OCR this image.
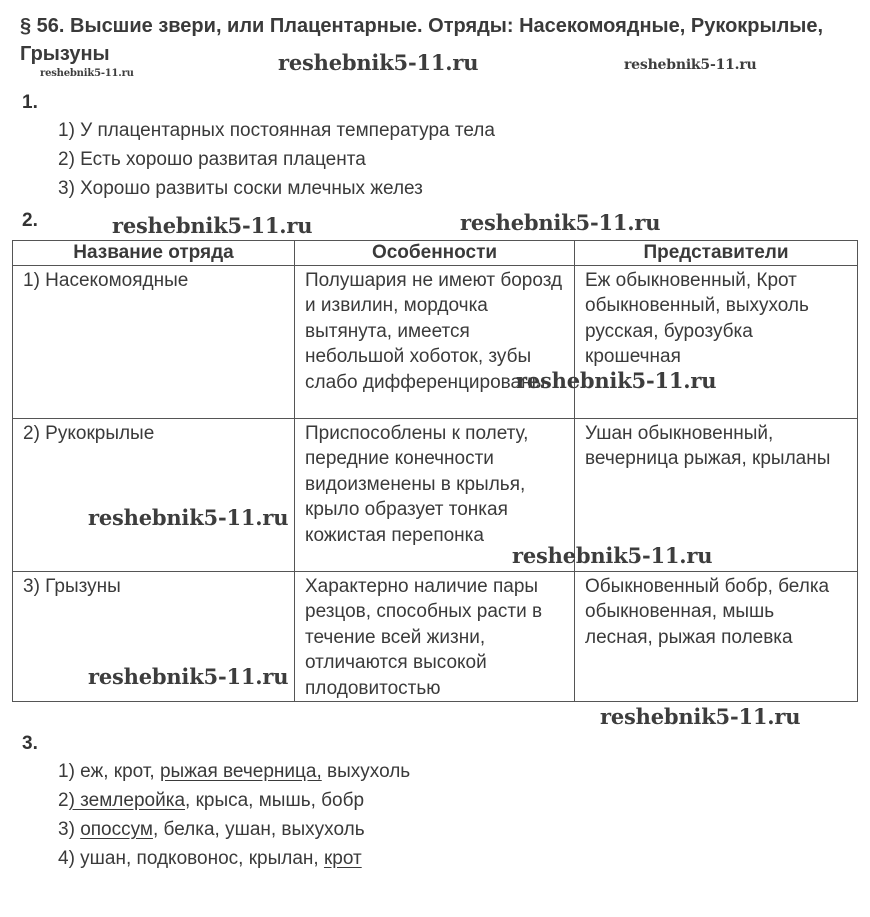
§ 56. Высшие звери, или Плацентарные. Отряды: Насекомоядные, Рукокрылые, Грызуны	reshebnik5-11.ru	reshebnik5-11.ru
reshebnik5-11.ru
reshebnik5-11.ru	reshebnik5-11.ru
1.
1) У плацентарных постоянная температура тела
2) Есть хорошо развитая плацента
3) Хорошо развиты соски млечных желез
2.
Название отряда	Особенности	Представители
1) Насекомоядные	Полушария не имеют борозд и извилин, мордочка вытянута, имеется небольшой хоботок, зубы слабо дифференцированы	Еж обыкновенный, Крот обыкновенный, выхухоль русская, бурозубка крошечная
2) Рукокрылые	Приспособлены к полету, передние конечности видоизменены в крылья, крыло образует тонкая кожистая перепонка	Ушан обыкновенный, вечерница рыжая, крыланы
3) Грызуны	Характерно наличие пары резцов, способных расти в течение всей жизни, отличаются высокой плодовитостью	Обыкновенный бобр, белка обыкновенная, мышь лесная, рыжая полевка
reshebnik5-11.ru
reshebnik5-11.ru
reshebnik5-11.ru
reshebnik5-11.ru
reshebnik5-11.ru
3.
1) еж, крот, рыжая вечерница, выхухоль
2) землеройка, крыса, мышь, бобр
3) опоссум, белка, ушан, выхухоль
4) ушан, подковонос, крылан, крот
